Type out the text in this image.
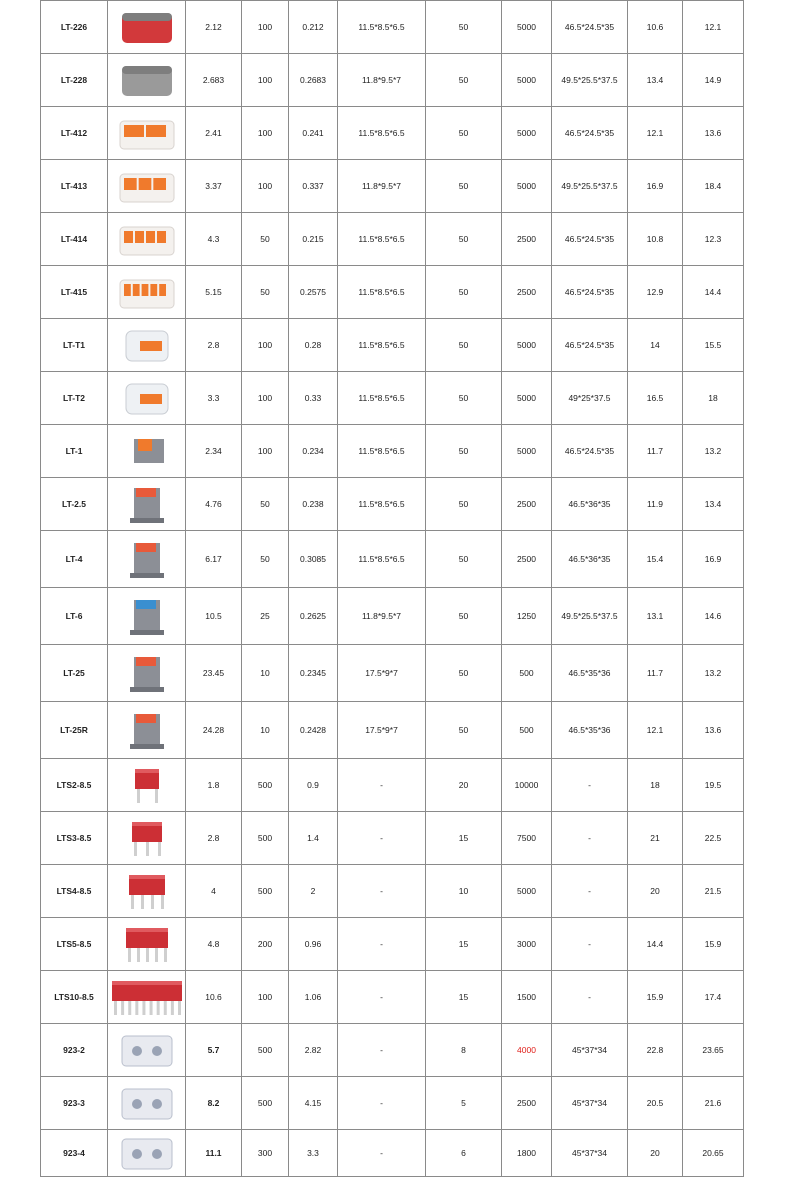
LT-226		2.12	100	0.212	11.5*8.5*6.5	50	5000	46.5*24.5*35	10.6	12.1
LT-228		2.683	100	0.2683	11.8*9.5*7	50	5000	49.5*25.5*37.5	13.4	14.9
LT-412		2.41	100	0.241	11.5*8.5*6.5	50	5000	46.5*24.5*35	12.1	13.6
LT-413		3.37	100	0.337	11.8*9.5*7	50	5000	49.5*25.5*37.5	16.9	18.4
LT-414		4.3	50	0.215	11.5*8.5*6.5	50	2500	46.5*24.5*35	10.8	12.3
LT-415		5.15	50	0.2575	11.5*8.5*6.5	50	2500	46.5*24.5*35	12.9	14.4
LT-T1		2.8	100	0.28	11.5*8.5*6.5	50	5000	46.5*24.5*35	14	15.5
LT-T2		3.3	100	0.33	11.5*8.5*6.5	50	5000	49*25*37.5	16.5	18
LT-1		2.34	100	0.234	11.5*8.5*6.5	50	5000	46.5*24.5*35	11.7	13.2
LT-2.5		4.76	50	0.238	11.5*8.5*6.5	50	2500	46.5*36*35	11.9	13.4
LT-4		6.17	50	0.3085	11.5*8.5*6.5	50	2500	46.5*36*35	15.4	16.9
LT-6		10.5	25	0.2625	11.8*9.5*7	50	1250	49.5*25.5*37.5	13.1	14.6
LT-25		23.45	10	0.2345	17.5*9*7	50	500	46.5*35*36	11.7	13.2
LT-25R		24.28	10	0.2428	17.5*9*7	50	500	46.5*35*36	12.1	13.6
LTS2-8.5		1.8	500	0.9	-	20	10000	-	18	19.5
LTS3-8.5		2.8	500	1.4	-	15	7500	-	21	22.5
LTS4-8.5		4	500	2	-	10	5000	-	20	21.5
LTS5-8.5		4.8	200	0.96	-	15	3000	-	14.4	15.9
LTS10-8.5		10.6	100	1.06	-	15	1500	-	15.9	17.4
923-2		5.7	500	2.82	-	8	4000	45*37*34	22.8	23.65
923-3		8.2	500	4.15	-	5	2500	45*37*34	20.5	21.6
923-4		11.1	300	3.3	-	6	1800	45*37*34	20	20.65
